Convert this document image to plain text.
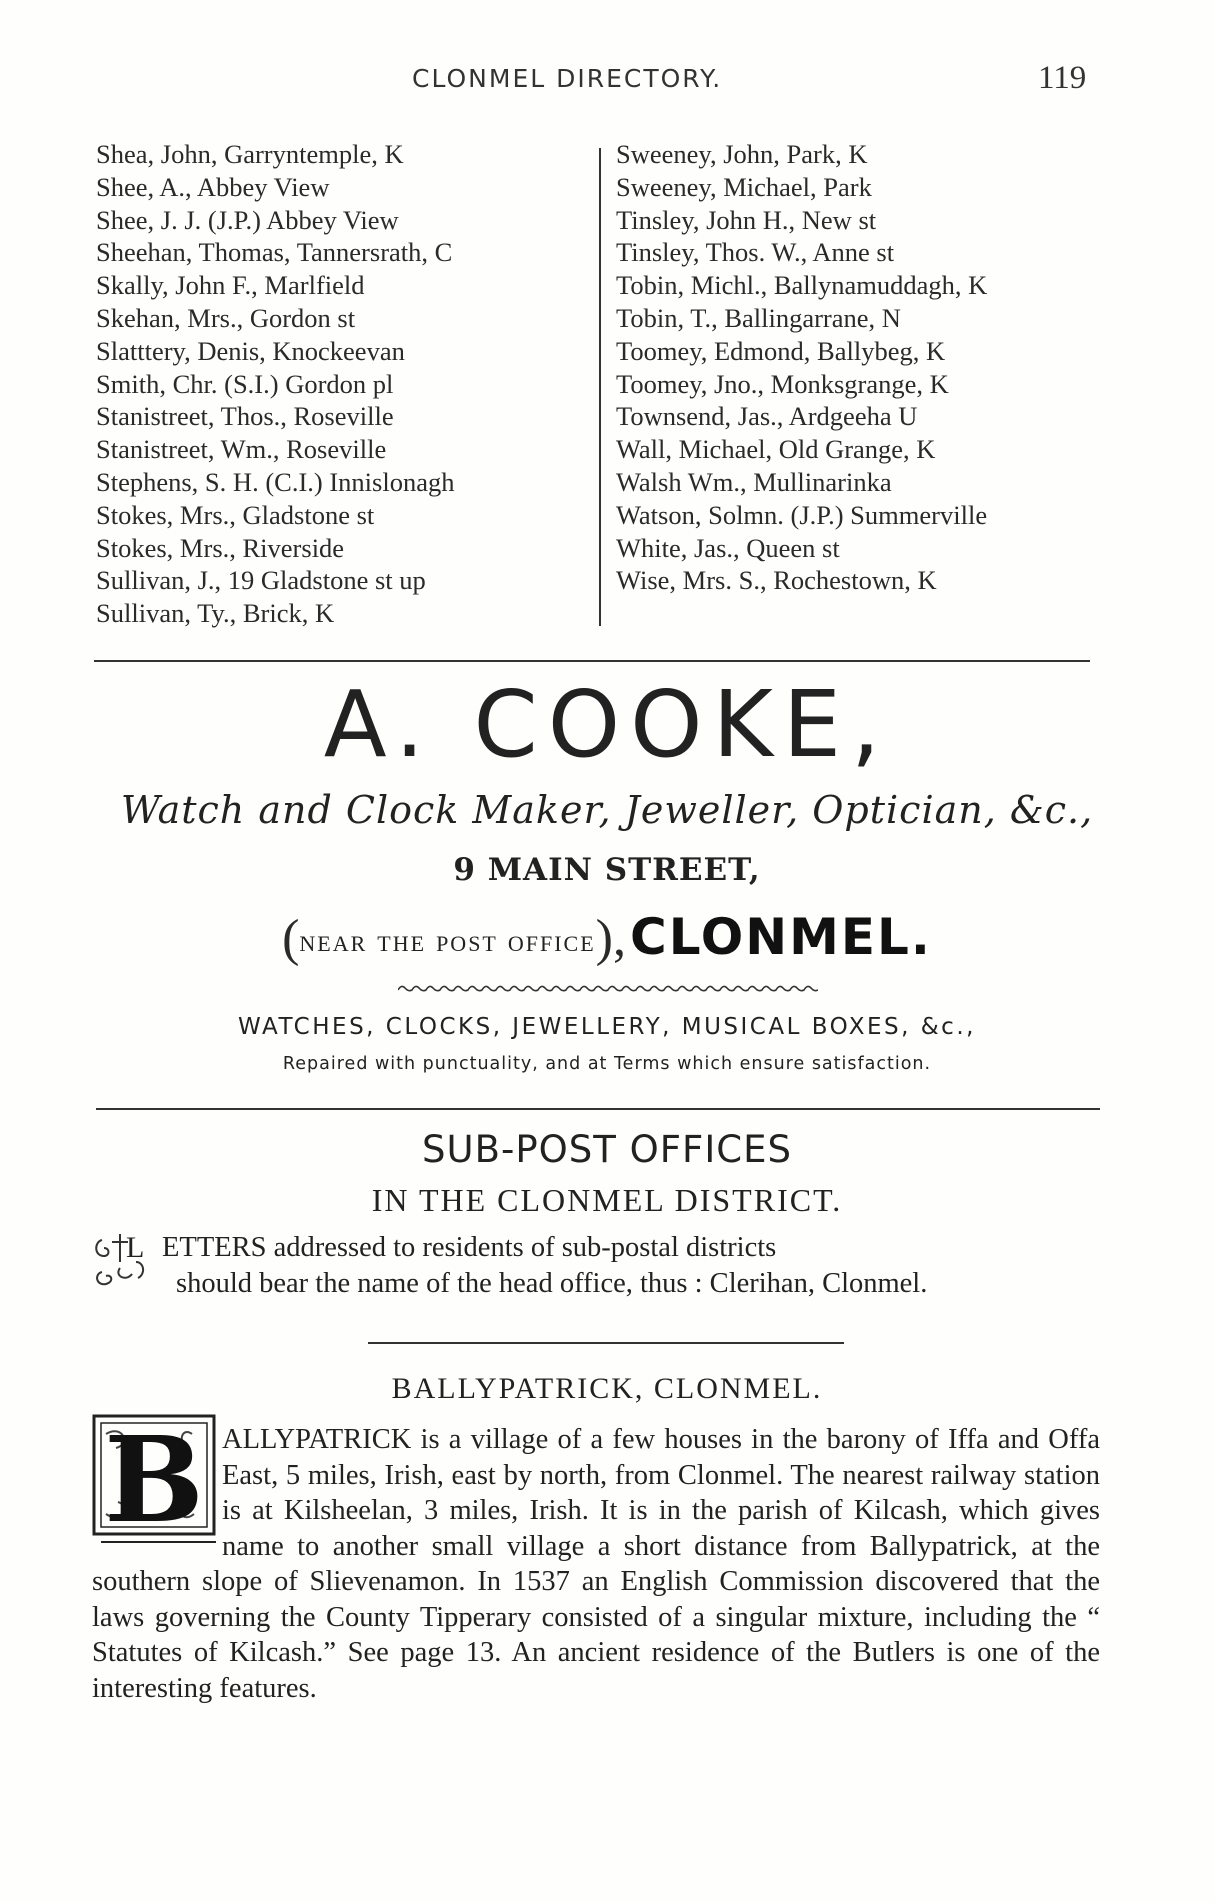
CLONMEL DIRECTORY.	119
Shea, John, Garryntemple, K
Shee, A., Abbey View
Shee, J. J. (J.P.) Abbey View
Sheehan, Thomas, Tannersrath, C
Skally, John F., Marlfield
Skehan, Mrs., Gordon st
Slatttery, Denis, Knockeevan
Smith, Chr. (S.I.) Gordon pl
Stanistreet, Thos., Roseville
Stanistreet, Wm., Roseville
Stephens, S. H. (C.I.) Innislonagh
Stokes, Mrs., Gladstone st
Stokes, Mrs., Riverside
Sullivan, J., 19 Gladstone st up
Sullivan, Ty., Brick, K
Sweeney, John, Park, K
Sweeney, Michael, Park
Tinsley, John H., New st
Tinsley, Thos. W., Anne st
Tobin, Michl., Ballynamuddagh, K
Tobin, T., Ballingarrane, N
Toomey, Edmond, Ballybeg, K
Toomey, Jno., Monksgrange, K
Townsend, Jas., Ardgeeha U
Wall, Michael, Old Grange, K
Walsh Wm., Mullinarinka
Watson, Solmn. (J.P.) Summerville
White, Jas., Queen st
Wise, Mrs. S., Rochestown, K
A. COOKE,
Watch and Clock Maker, Jeweller, Optician, &c.,
9 MAIN STREET,
(near the post office), CLONMEL.
WATCHES, CLOCKS, JEWELLERY, MUSICAL BOXES, &c.,
Repaired with punctuality, and at Terms which ensure satisfaction.
SUB-POST OFFICES
IN THE CLONMEL DISTRICT.
L ETTERS addressed to residents of sub-postal districts
should bear the name of the head office, thus : Clerihan, Clonmel.
BALLYPATRICK, CLONMEL.
B ALLYPATRICK is a village of a few houses in the barony of Iffa and Offa East, 5 miles, Irish, east by north, from Clonmel. The nearest railway station is at Kilsheelan, 3 miles, Irish. It is in the parish of Kilcash, which gives name to another small village a short distance from Ballypatrick, at the southern slope of Slievenamon. In 1537 an English Commission discovered that the laws governing the County Tipperary consisted of a singular mixture, including the “ Statutes of Kilcash.” See page 13. An ancient residence of the Butlers is one of the interesting features.
